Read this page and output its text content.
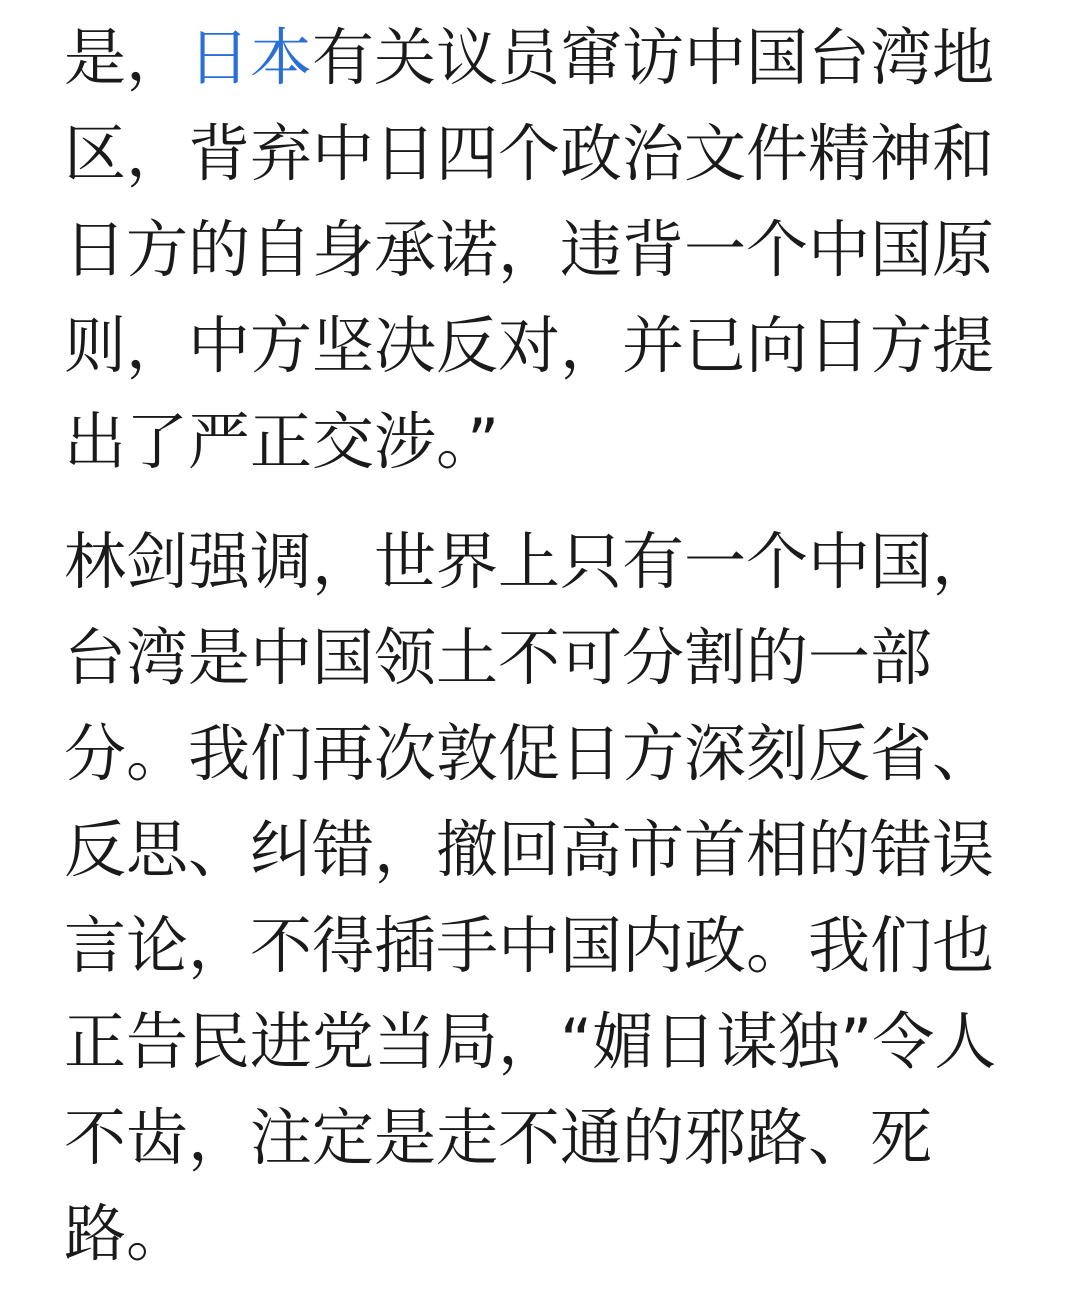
是，日本有关议员窜访中国台湾地
区，背弃中日四个政治文件精神和
日方的自身承诺，违背一个中国原
则，中方坚决反对，并已向日方提
出了严正交涉。”

林剑强调，世界上只有一个中国，
台湾是中国领土不可分割的一部
分。我们再次敦促日方深刻反省、
反思、纠错，撤回高市首相的错误
言论，不得插手中国内政。我们也
正告民进党当局，“媚日谋独”令人
不齿，注定是走不通的邪路、死
路。
